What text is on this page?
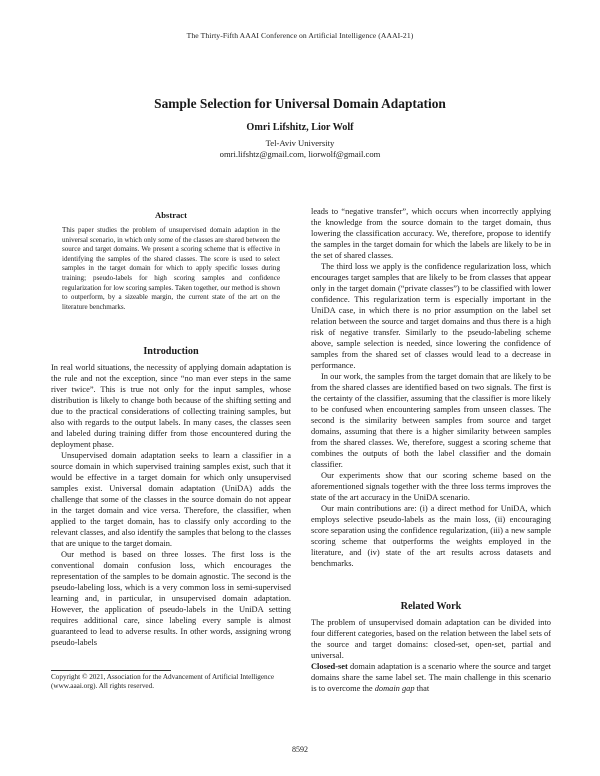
The Thirty-Fifth AAAI Conference on Artificial Intelligence (AAAI-21)
Sample Selection for Universal Domain Adaptation
Omri Lifshitz, Lior Wolf
Tel-Aviv University
omri.lifshtz@gmail.com, liorwolf@gmail.com
Abstract
This paper studies the problem of unsupervised domain adaption in the universal scenario, in which only some of the classes are shared between the source and target domains. We present a scoring scheme that is effective in identifying the samples of the shared classes. The score is used to select samples in the target domain for which to apply specific losses during training; pseudo-labels for high scoring samples and confidence regularization for low scoring samples. Taken together, our method is shown to outperform, by a sizeable margin, the current state of the art on the literature benchmarks.
Introduction

In real world situations, the necessity of applying domain adaptation is the rule and not the exception, since “no man ever steps in the same river twice”. This is true not only for the input samples, whose distribution is likely to change both because of the shifting setting and due to the practical considerations of collecting training samples, but also with regards to the output labels. In many cases, the classes seen and labeled during training differ from those encountered during the deployment phase.

Unsupervised domain adaptation seeks to learn a classifier in a source domain in which supervised training samples exist, such that it would be effective in a target domain for which only unsupervised samples exist. Universal domain adaptation (UniDA) adds the challenge that some of the classes in the source domain do not appear in the target domain and vice versa. Therefore, the classifier, when applied to the target domain, has to classify only according to the relevant classes, and also identify the samples that belong to the classes that are unique to the target domain.

Our method is based on three losses. The first loss is the conventional domain confusion loss, which encourages the representation of the samples to be domain agnostic. The second is the pseudo-labeling loss, which is a very common loss in semi-supervised learning and, in particular, in unsupervised domain adaptation. However, the application of pseudo-labels in the UniDA setting requires additional care, since labeling every sample is almost guaranteed to lead to adverse results. In other words, assigning wrong pseudo-labels

Copyright © 2021, Association for the Advancement of Artificial Intelligence (www.aaai.org). All rights reserved.

leads to “negative transfer”, which occurs when incorrectly applying the knowledge from the source domain to the target domain, thus lowering the classification accuracy. We, therefore, propose to identify the samples in the target domain for which the labels are likely to be in the set of shared classes.

The third loss we apply is the confidence regularization loss, which encourages target samples that are likely to be from classes that appear only in the target domain (“private classes”) to be classified with lower confidence. This regularization term is especially important in the UniDA case, in which there is no prior assumption on the label set relation between the source and target domains and thus there is a high risk of negative transfer. Similarly to the pseudo-labeling scheme above, sample selection is needed, since lowering the confidence of samples from the shared set of classes would lead to a decrease in performance.

In our work, the samples from the target domain that are likely to be from the shared classes are identified based on two signals. The first is the certainty of the classifier, assuming that the classifier is more likely to be confused when encountering samples from unseen classes. The second is the similarity between samples from source and target domains, assuming that there is a higher similarity between samples from the shared classes. We, therefore, suggest a scoring scheme that combines the outputs of both the label classifier and the domain classifier.

Our experiments show that our scoring scheme based on the aforementioned signals together with the three loss terms improves the state of the art accuracy in the UniDA scenario.

Our main contributions are: (i) a direct method for UniDA, which employs selective pseudo-labels as the main loss, (ii) encouraging score separation using the confidence regularization, (iii) a new sample scoring scheme that outperforms the weights employed in the literature, and (iv) state of the art results across datasets and benchmarks.

Related Work

The problem of unsupervised domain adaptation can be divided into four different categories, based on the relation between the label sets of the source and target domains: closed-set, open-set, partial and universal.

Closed-set domain adaptation is a scenario where the source and target domains share the same label set. The main challenge in this scenario is to overcome the domain gap that

8592
